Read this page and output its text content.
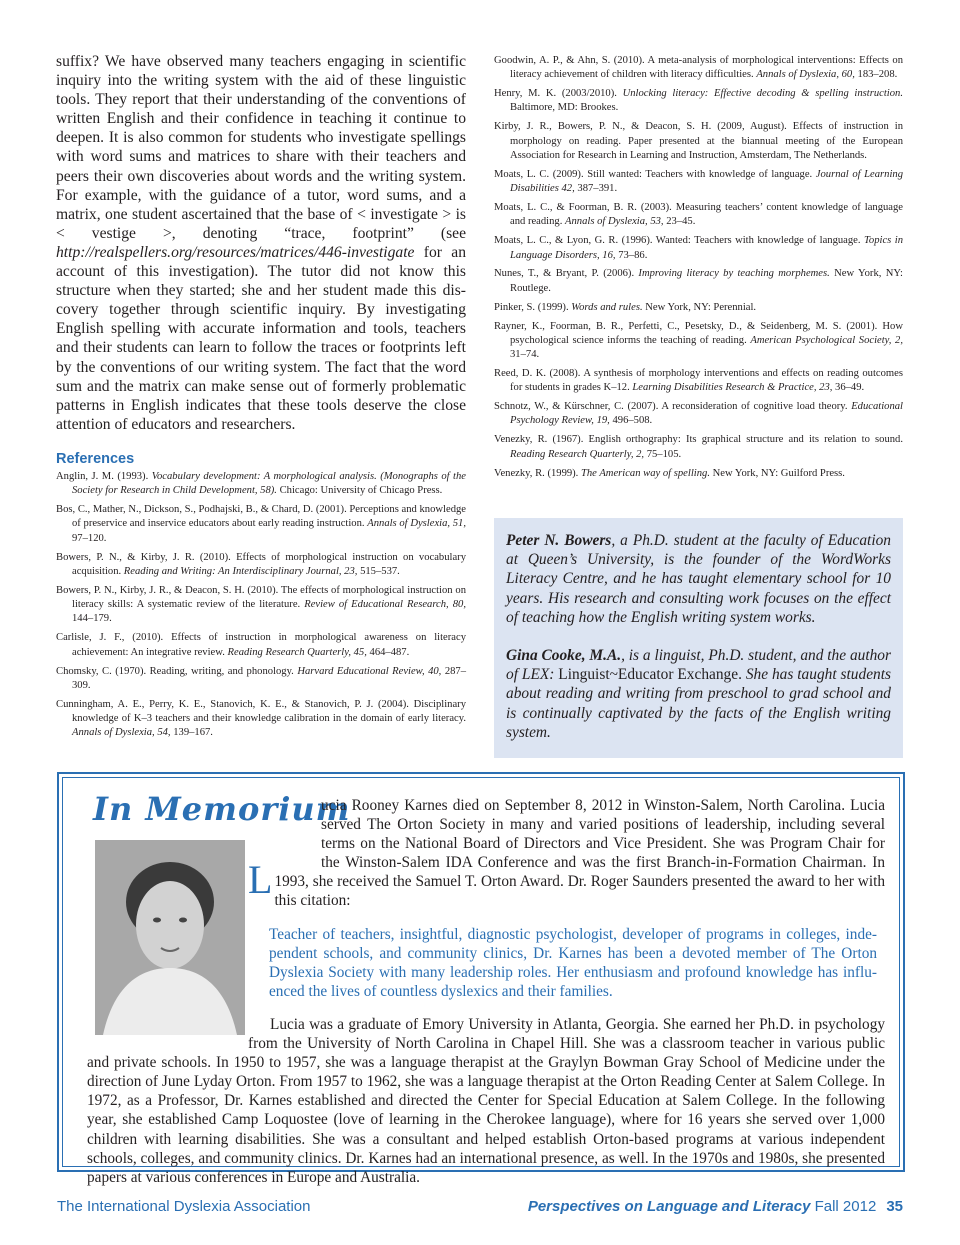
suffix? We have observed many teachers engaging in scientific inquiry into the writing system with the aid of these linguistic tools. They report that their understanding of the conventions of written English and their confidence in teaching it continue to deepen. It is also common for students who investigate spellings with word sums and matrices to share with their teachers and peers their own discoveries about words and the writing system. For example, with the guidance of a tutor, word sums, and a matrix, one student ascertained that the base of < investigate > is < vestige >, denoting “trace, footprint” (see http://realspellers.org/resources/matrices/446-investigate for an account of this investigation). The tutor did not know this structure when they started; she and her student made this discovery together through scientific inquiry. By investigating English spelling with accurate information and tools, teachers and their students can learn to follow the traces or footprints left by the conventions of our writing system. The fact that the word sum and the matrix can make sense out of formerly problematic patterns in English indicates that these tools deserve the close attention of educators and researchers.

References
Anglin, J. M. (1993). Vocabulary development: A morphological analysis. (Monographs of the Society for Research in Child Development, 58). Chicago: University of Chicago Press.
Bos, C., Mather, N., Dickson, S., Podhajski, B., & Chard, D. (2001). Perceptions and knowledge of preservice and inservice educators about early reading instruction. Annals of Dyslexia, 51, 97–120.
Bowers, P. N., & Kirby, J. R. (2010). Effects of morphological instruction on vocabulary acquisition. Reading and Writing: An Interdisciplinary Journal, 23, 515–537.
Bowers, P. N., Kirby, J. R., & Deacon, S. H. (2010). The effects of morphological instruction on literacy skills: A systematic review of the literature. Review of Educational Research, 80, 144–179.
Carlisle, J. F., (2010). Effects of instruction in morphological awareness on literacy achievement: An integrative review. Reading Research Quarterly, 45, 464–487.
Chomsky, C. (1970). Reading, writing, and phonology. Harvard Educational Review, 40, 287–309.
Cunningham, A. E., Perry, K. E., Stanovich, K. E., & Stanovich, P. J. (2004). Disciplinary knowledge of K–3 teachers and their knowledge calibration in the domain of early literacy. Annals of Dyslexia, 54, 139–167.
Goodwin, A. P., & Ahn, S. (2010). A meta-analysis of morphological interventions: Effects on literacy achievement of children with literacy difficulties. Annals of Dyslexia, 60, 183–208.
Henry, M. K. (2003/2010). Unlocking literacy: Effective decoding & spelling instruction. Baltimore, MD: Brookes.
Kirby, J. R., Bowers, P. N., & Deacon, S. H. (2009, August). Effects of instruction in morphology on reading. Paper presented at the biannual meeting of the European Association for Research in Learning and Instruction, Amsterdam, The Netherlands.
Moats, L. C. (2009). Still wanted: Teachers with knowledge of language. Journal of Learning Disabilities 42, 387–391.
Moats, L. C., & Foorman, B. R. (2003). Measuring teachers’ content knowledge of language and reading. Annals of Dyslexia, 53, 23–45.
Moats, L. C., & Lyon, G. R. (1996). Wanted: Teachers with knowledge of language. Topics in Language Disorders, 16, 73–86.
Nunes, T., & Bryant, P. (2006). Improving literacy by teaching morphemes. New York, NY: Routlege.
Pinker, S. (1999). Words and rules. New York, NY: Perennial.
Rayner, K., Foorman, B. R., Perfetti, C., Pesetsky, D., & Seidenberg, M. S. (2001). How psychological science informs the teaching of reading. American Psychological Society, 2, 31–74.
Reed, D. K. (2008). A synthesis of morphology interventions and effects on reading outcomes for students in grades K–12. Learning Disabilities Research & Practice, 23, 36–49.
Schnotz, W., & Kürschner, C. (2007). A reconsideration of cognitive load theory. Educational Psychology Review, 19, 496–508.
Venezky, R. (1967). English orthography: Its graphical structure and its relation to sound. Reading Research Quarterly, 2, 75–105.
Venezky, R. (1999). The American way of spelling. New York, NY: Guilford Press.

Peter N. Bowers, a Ph.D. student at the faculty of Education at Queen’s University, is the founder of the WordWorks Literacy Centre, and he has taught elementary school for 10 years. His research and consulting work focuses on the effect of teaching how the English writing system works.

Gina Cooke, M.A., is a linguist, Ph.D. student, and the author of LEX: Linguist~Educator Exchange. She has taught students about reading and writing from preschool to grad school and is continually captivated by the facts of the English writing system.

In Memorium

L
ucia Rooney Karnes died on September 8, 2012 in Winston-Salem, North Carolina. Lucia served The Orton Society in many and varied positions of leadership, including several terms on the National Board of Directors and Vice President. She was Program Chair for the Winston-Salem IDA Conference and was the first Branch-in-Formation Chairman. In 1993, she received the Samuel T. Orton Award. Dr. Roger Saunders presented the award to her with this citation:

Teacher of teachers, insightful, diagnostic psychologist, developer of programs in colleges, independent schools, and community clinics, Dr. Karnes has been a devoted member of The Orton Dyslexia Society with many leadership roles. Her enthusiasm and profound knowledge has influenced the lives of countless dyslexics and their families.

Lucia was a graduate of Emory University in Atlanta, Georgia. She earned her Ph.D. in psychology from the University of North Carolina in Chapel Hill. She was a classroom teacher in various public and private schools. In 1950 to 1957, she was a language therapist at the Graylyn Bowman Gray School of Medicine under the direction of June Lyday Orton. From 1957 to 1962, she was a language therapist at the Orton Reading Center at Salem College. In 1972, as a Professor, Dr. Karnes established and directed the Center for Special Education at Salem College. In the following year, she established Camp Loquostee (love of learning in the Cherokee language), where for 16 years she served over 1,000 children with learning disabilities. She was a consultant and helped establish Orton-based programs at various independent schools, colleges, and community clinics. Dr. Karnes had an international presence, as well. In the 1970s and 1980s, she presented papers at various conferences in Europe and Australia.

The International Dyslexia Association	Perspectives on Language and Literacy Fall 2012 35
